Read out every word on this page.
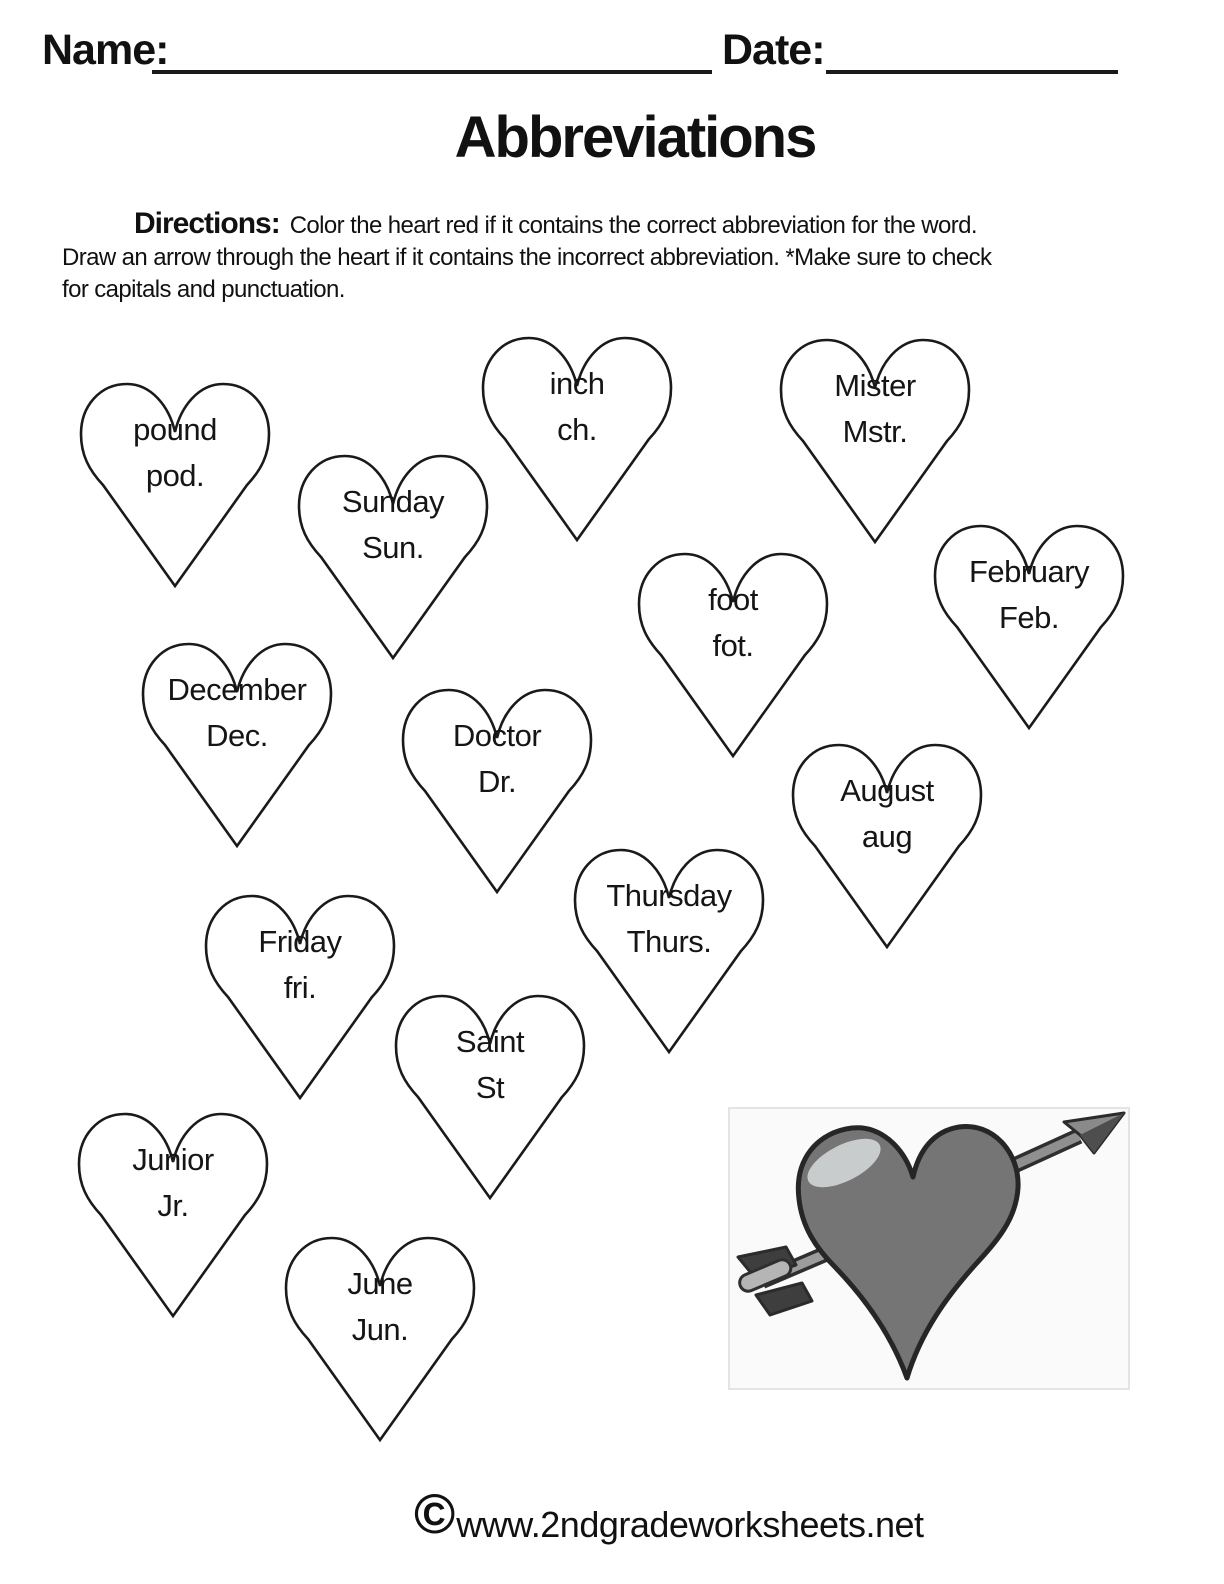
Name:	Date:
Abbreviations
Directions: Color the heart red if it contains the correct abbreviation for the word.
Draw an arrow through the heart if it contains the incorrect abbreviation. *Make sure to check
for capitals and punctuation.
pound
pod.
Sunday
Sun.
inch
ch.
Mister
Mstr.
foot
fot.
February
Feb.
December
Dec.	Doctor
Dr.	August
aug
Thursday
Thurs.
Friday
fri.
Saint
St
Junior
Jr.
June
Jun.
© www.2ndgradeworksheets.net
